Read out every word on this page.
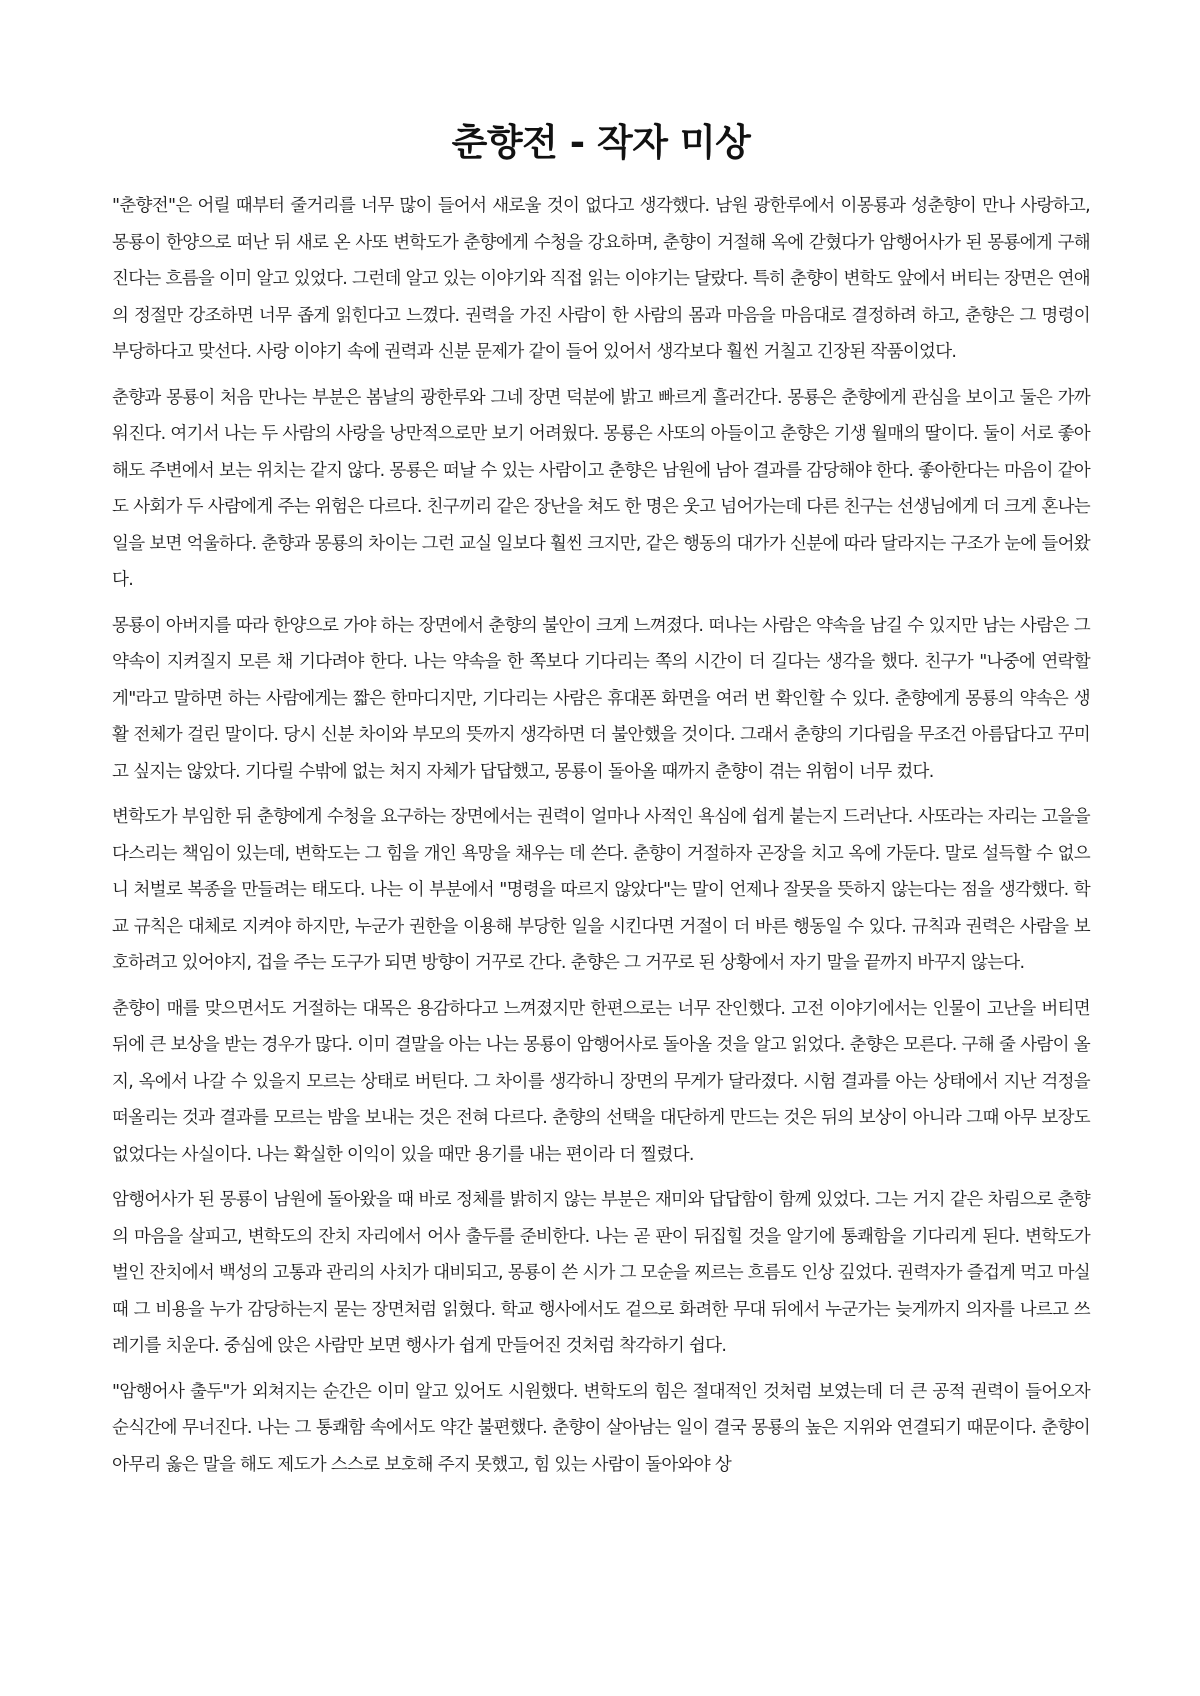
춘향전 - 작자 미상

"춘향전"은 어릴 때부터 줄거리를 너무 많이 들어서 새로울 것이 없다고 생각했다. 남원 광한루에서 이몽룡과 성춘향이 만나 사랑하고, 몽룡이 한양으로 떠난 뒤 새로 온 사또 변학도가 춘향에게 수청을 강요하며, 춘향이 거절해 옥에 갇혔다가 암행어사가 된 몽룡에게 구해진다는 흐름을 이미 알고 있었다. 그런데 알고 있는 이야기와 직접 읽는 이야기는 달랐다. 특히 춘향이 변학도 앞에서 버티는 장면은 연애의 정절만 강조하면 너무 좁게 읽힌다고 느꼈다. 권력을 가진 사람이 한 사람의 몸과 마음을 마음대로 결정하려 하고, 춘향은 그 명령이 부당하다고 맞선다. 사랑 이야기 속에 권력과 신분 문제가 같이 들어 있어서 생각보다 훨씬 거칠고 긴장된 작품이었다.

춘향과 몽룡이 처음 만나는 부분은 봄날의 광한루와 그네 장면 덕분에 밝고 빠르게 흘러간다. 몽룡은 춘향에게 관심을 보이고 둘은 가까워진다. 여기서 나는 두 사람의 사랑을 낭만적으로만 보기 어려웠다. 몽룡은 사또의 아들이고 춘향은 기생 월매의 딸이다. 둘이 서로 좋아해도 주변에서 보는 위치는 같지 않다. 몽룡은 떠날 수 있는 사람이고 춘향은 남원에 남아 결과를 감당해야 한다. 좋아한다는 마음이 같아도 사회가 두 사람에게 주는 위험은 다르다. 친구끼리 같은 장난을 쳐도 한 명은 웃고 넘어가는데 다른 친구는 선생님에게 더 크게 혼나는 일을 보면 억울하다. 춘향과 몽룡의 차이는 그런 교실 일보다 훨씬 크지만, 같은 행동의 대가가 신분에 따라 달라지는 구조가 눈에 들어왔다.

몽룡이 아버지를 따라 한양으로 가야 하는 장면에서 춘향의 불안이 크게 느껴졌다. 떠나는 사람은 약속을 남길 수 있지만 남는 사람은 그 약속이 지켜질지 모른 채 기다려야 한다. 나는 약속을 한 쪽보다 기다리는 쪽의 시간이 더 길다는 생각을 했다. 친구가 "나중에 연락할게"라고 말하면 하는 사람에게는 짧은 한마디지만, 기다리는 사람은 휴대폰 화면을 여러 번 확인할 수 있다. 춘향에게 몽룡의 약속은 생활 전체가 걸린 말이다. 당시 신분 차이와 부모의 뜻까지 생각하면 더 불안했을 것이다. 그래서 춘향의 기다림을 무조건 아름답다고 꾸미고 싶지는 않았다. 기다릴 수밖에 없는 처지 자체가 답답했고, 몽룡이 돌아올 때까지 춘향이 겪는 위험이 너무 컸다.

변학도가 부임한 뒤 춘향에게 수청을 요구하는 장면에서는 권력이 얼마나 사적인 욕심에 쉽게 붙는지 드러난다. 사또라는 자리는 고을을 다스리는 책임이 있는데, 변학도는 그 힘을 개인 욕망을 채우는 데 쓴다. 춘향이 거절하자 곤장을 치고 옥에 가둔다. 말로 설득할 수 없으니 처벌로 복종을 만들려는 태도다. 나는 이 부분에서 "명령을 따르지 않았다"는 말이 언제나 잘못을 뜻하지 않는다는 점을 생각했다. 학교 규칙은 대체로 지켜야 하지만, 누군가 권한을 이용해 부당한 일을 시킨다면 거절이 더 바른 행동일 수 있다. 규칙과 권력은 사람을 보호하려고 있어야지, 겁을 주는 도구가 되면 방향이 거꾸로 간다. 춘향은 그 거꾸로 된 상황에서 자기 말을 끝까지 바꾸지 않는다.

춘향이 매를 맞으면서도 거절하는 대목은 용감하다고 느껴졌지만 한편으로는 너무 잔인했다. 고전 이야기에서는 인물이 고난을 버티면 뒤에 큰 보상을 받는 경우가 많다. 이미 결말을 아는 나는 몽룡이 암행어사로 돌아올 것을 알고 읽었다. 춘향은 모른다. 구해 줄 사람이 올지, 옥에서 나갈 수 있을지 모르는 상태로 버틴다. 그 차이를 생각하니 장면의 무게가 달라졌다. 시험 결과를 아는 상태에서 지난 걱정을 떠올리는 것과 결과를 모르는 밤을 보내는 것은 전혀 다르다. 춘향의 선택을 대단하게 만드는 것은 뒤의 보상이 아니라 그때 아무 보장도 없었다는 사실이다. 나는 확실한 이익이 있을 때만 용기를 내는 편이라 더 찔렸다.

암행어사가 된 몽룡이 남원에 돌아왔을 때 바로 정체를 밝히지 않는 부분은 재미와 답답함이 함께 있었다. 그는 거지 같은 차림으로 춘향의 마음을 살피고, 변학도의 잔치 자리에서 어사 출두를 준비한다. 나는 곧 판이 뒤집힐 것을 알기에 통쾌함을 기다리게 된다. 변학도가 벌인 잔치에서 백성의 고통과 관리의 사치가 대비되고, 몽룡이 쓴 시가 그 모순을 찌르는 흐름도 인상 깊었다. 권력자가 즐겁게 먹고 마실 때 그 비용을 누가 감당하는지 묻는 장면처럼 읽혔다. 학교 행사에서도 겉으로 화려한 무대 뒤에서 누군가는 늦게까지 의자를 나르고 쓰레기를 치운다. 중심에 앉은 사람만 보면 행사가 쉽게 만들어진 것처럼 착각하기 쉽다.

"암행어사 출두"가 외쳐지는 순간은 이미 알고 있어도 시원했다. 변학도의 힘은 절대적인 것처럼 보였는데 더 큰 공적 권력이 들어오자 순식간에 무너진다. 나는 그 통쾌함 속에서도 약간 불편했다. 춘향이 살아남는 일이 결국 몽룡의 높은 지위와 연결되기 때문이다. 춘향이 아무리 옳은 말을 해도 제도가 스스로 보호해 주지 못했고, 힘 있는 사람이 돌아와야 상
